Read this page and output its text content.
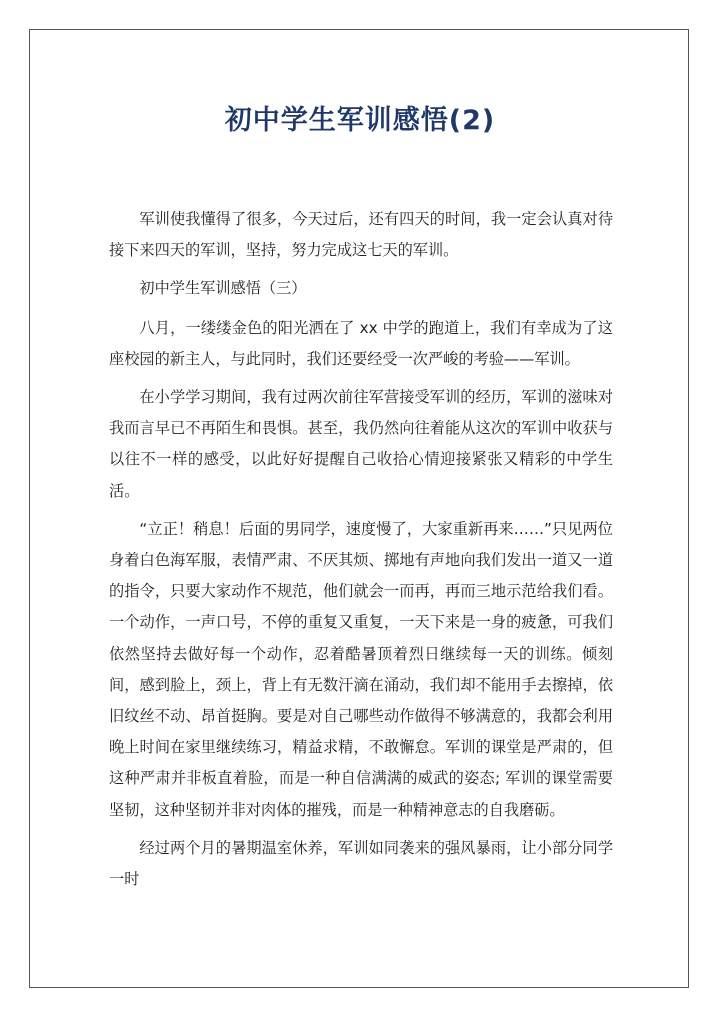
初中学生军训感悟(2)

军训使我懂得了很多，今天过后，还有四天的时间，我一定会认真对待接下来四天的军训，坚持，努力完成这七天的军训。

初中学生军训感悟（三）

八月，一缕缕金色的阳光洒在了 xx 中学的跑道上，我们有幸成为了这座校园的新主人，与此同时，我们还要经受一次严峻的考验——军训。

在小学学习期间，我有过两次前往军营接受军训的经历，军训的滋味对我而言早已不再陌生和畏惧。甚至，我仍然向往着能从这次的军训中收获与以往不一样的感受，以此好好提醒自己收拾心情迎接紧张又精彩的中学生活。

“立正！稍息！后面的男同学，速度慢了，大家重新再来……”只见两位身着白色海军服，表情严肃、不厌其烦、掷地有声地向我们发出一道又一道的指令，只要大家动作不规范，他们就会一而再，再而三地示范给我们看。一个动作，一声口号，不停的重复又重复，一天下来是一身的疲惫，可我们依然坚持去做好每一个动作，忍着酷暑顶着烈日继续每一天的训练。倾刻间，感到脸上，颈上，背上有无数汗滴在涌动，我们却不能用手去擦掉，依旧纹丝不动、昂首挺胸。要是对自己哪些动作做得不够满意的，我都会利用晚上时间在家里继续练习，精益求精，不敢懈怠。军训的课堂是严肃的，但这种严肃并非板直着脸，而是一种自信满满的威武的姿态; 军训的课堂需要坚韧，这种坚韧并非对肉体的摧残，而是一种精神意志的自我磨砺。

经过两个月的暑期温室休养，军训如同袭来的强风暴雨，让小部分同学一时
